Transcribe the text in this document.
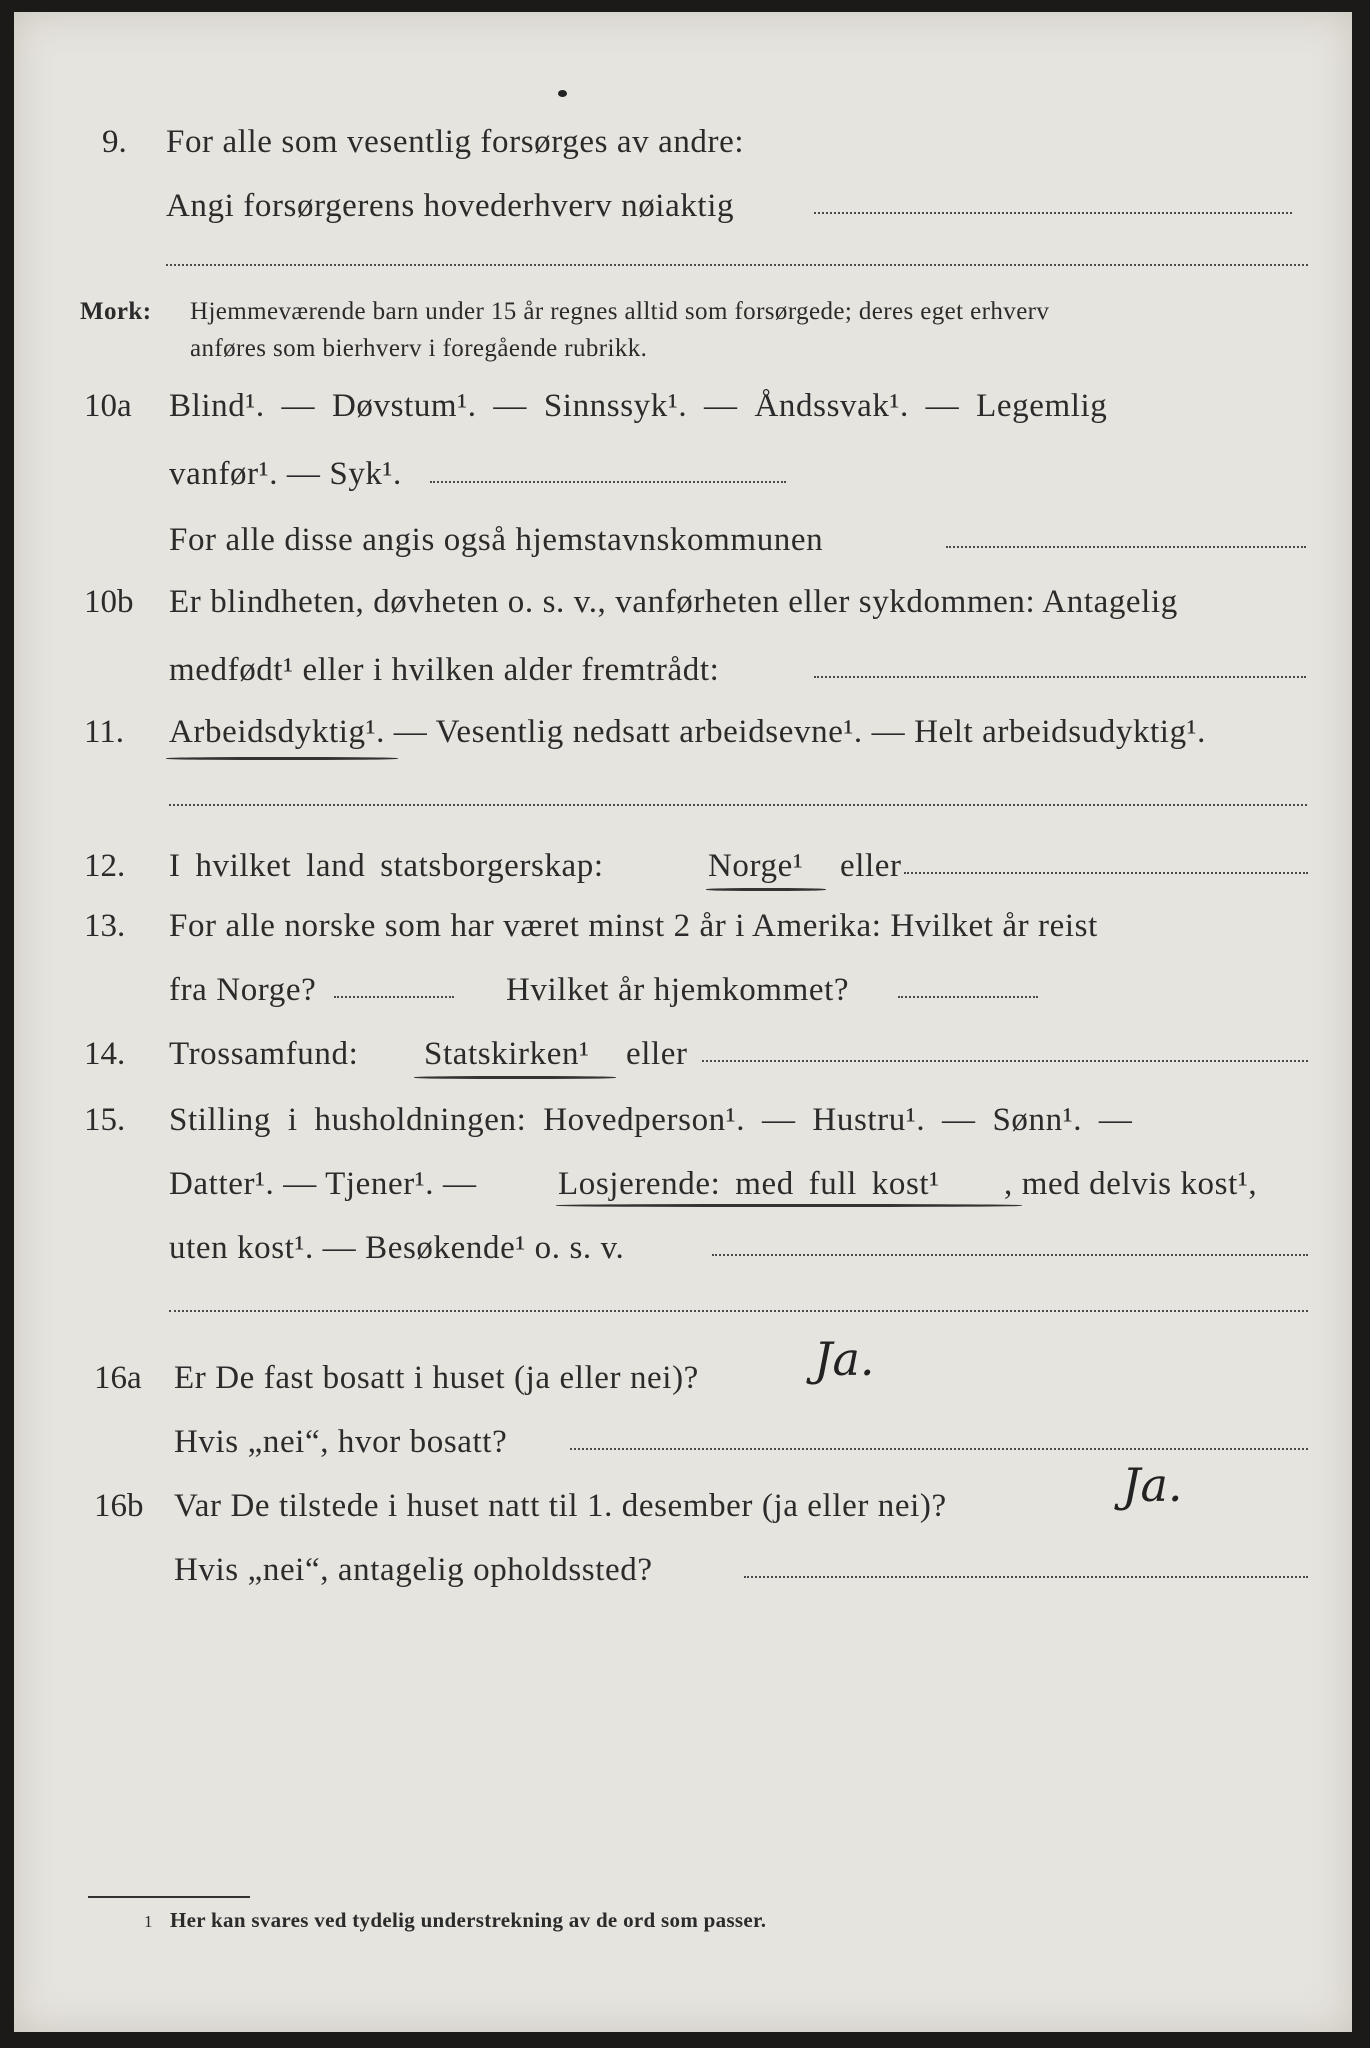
9. For alle som vesentlig forsørges av andre:
Angi forsørgerens hovederhverv nøiaktig
Mork: Hjemmeværende barn under 15 år regnes alltid som forsørgede; deres eget erhverv
anføres som bierhverv i foregående rubrikk.
10a Blind¹. — Døvstum¹. — Sinnssyk¹. — Åndssvak¹. — Legemlig
vanfør¹. — Syk¹.
For alle disse angis også hjemstavnskommunen
10b Er blindheten, døvheten o. s. v., vanførheten eller sykdommen: Antagelig
medfødt¹ eller i hvilken alder fremtrådt:
11. Arbeidsdyktig¹. — Vesentlig nedsatt arbeidsevne¹. — Helt arbeidsudyktig¹.
12. I hvilket land statsborgerskap:	Norge¹ eller
13. For alle norske som har været minst 2 år i Amerika: Hvilket år reist
fra Norge?	Hvilket år hjemkommet?
14. Trossamfund: Statskirken¹ eller
15. Stilling i husholdningen: Hovedperson¹. — Hustru¹. — Sønn¹. —
Datter¹. — Tjener¹. — Losjerende: med full kost¹ , med delvis kost¹,
uten kost¹. — Besøkende¹ o. s. v.
16a Er De fast bosatt i huset (ja eller nei)?	Ja.
Hvis „nei“, hvor bosatt?
16b Var De tilstede i huset natt til 1. desember (ja eller nei)?	Ja.
Hvis „nei“, antagelig opholdssted?
1 Her kan svares ved tydelig understrekning av de ord som passer.
